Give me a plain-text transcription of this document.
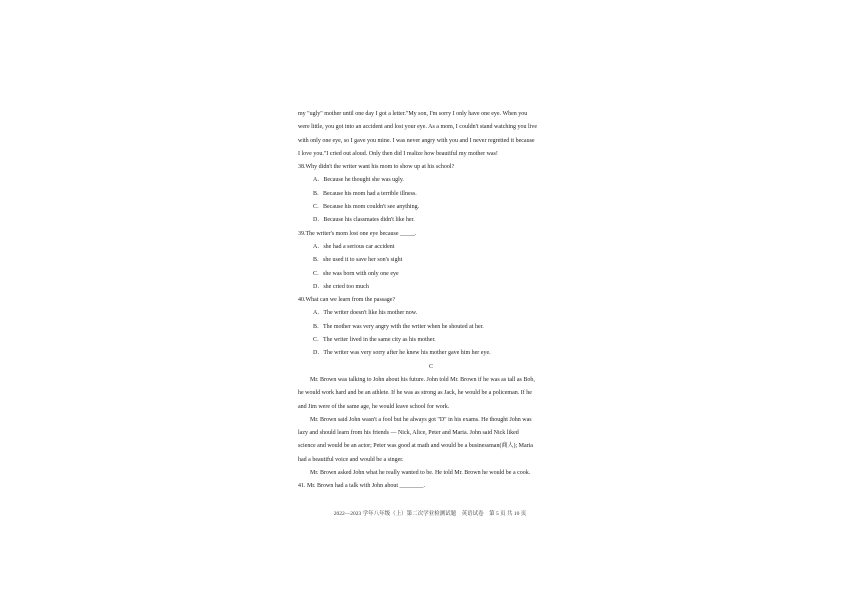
my "ugly" mother until one day I got a letter."My son, I'm sorry I only have one eye. When you
were little, you got into an accident and lost your eye. As a mom, I couldn't stand watching you live
with only one eye, so I gave you mine. I was never angry with you and I never regretted it because
I love you."I cried out aloud. Only then did I realize how beautiful my mother was!
38.Why didn't the writer want his mom to show up at his school?
A．Because he thought she was ugly.
B．Because his mom had a terrible illness.
C．Because his mom couldn't see anything.
D．Because his classmates didn't like her.
39.The writer's mom lost one eye because _____.
A．she had a serious car accident
B．she used it to save her son's sight
C．she was born with only one eye
D．she cried too much
40.What can we learn from the passage?
A．The writer doesn't like his mother now.
B．The mother was very angry with the writer when he shouted at her.
C．The writer lived in the same city as his mother.
D．The writer was very sorry after he knew his mother gave him her eye.
C
Mr. Brown was talking to John about his future. John told Mr. Brown if he was as tall as Bob,
he would work hard and be an athlete. If he was as strong as Jack, he would be a policeman. If he
and Jim were of the same age, he would leave school for work.
Mr. Brown said John wasn't a fool but he always got "D" in his exams. He thought John was
lazy and should learn from his friends — Nick, Alice, Peter and Maria. John said Nick liked
science and would be an actor; Peter was good at math and would be a businessman(商人); Maria
had a beautiful voice and would be a singer.
Mr. Brown asked John what he really wanted to be. He told Mr. Brown he would be a cook.
41. Mr. Brown had a talk with John about ________.
2022—2023 学年八年级（上）第二次学业检测试题　英语试卷　第 5 页 共 10 页
